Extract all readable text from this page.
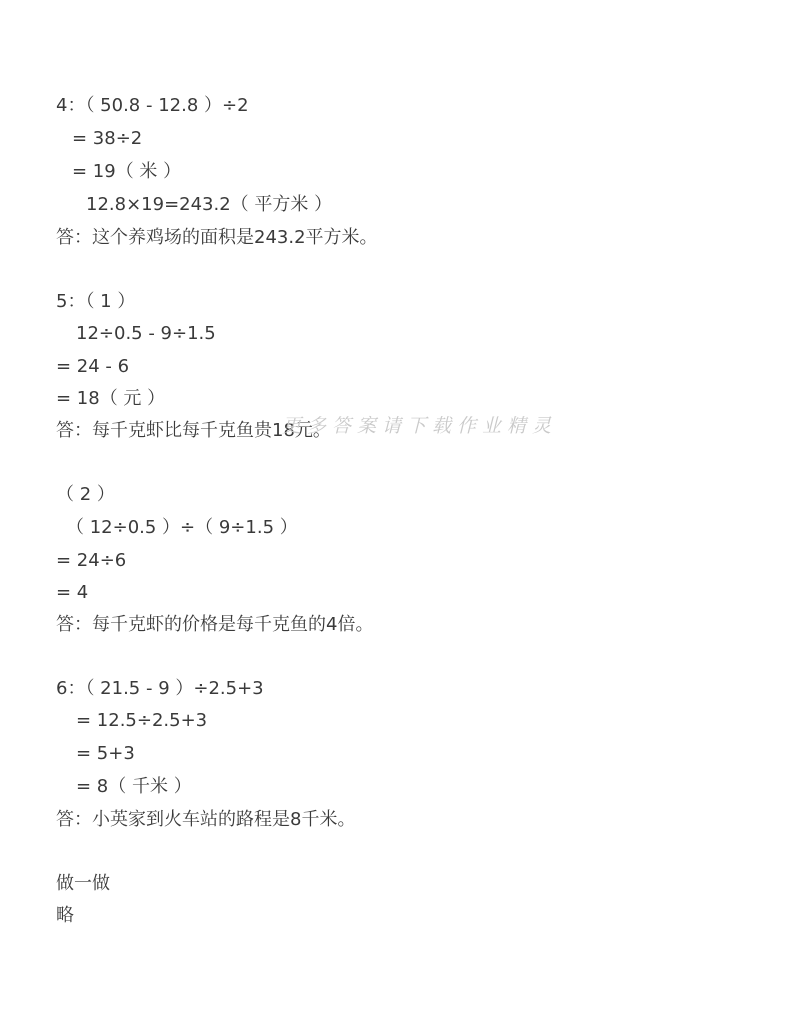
4：（ 50.8 - 12.8 ）÷2
= 38÷2
= 19（ 米 ）
12.8×19=243.2（ 平方米 ）
答：这个养鸡场的面积是243.2平方米。
5：（ 1 ）
12÷0.5 - 9÷1.5
= 24 - 6
= 18（ 元 ）
答：每千克虾比每千克鱼贵18元。
（ 2 ）
（ 12÷0.5 ）÷（ 9÷1.5 ）
= 24÷6
= 4
答：每千克虾的价格是每千克鱼的4倍。
6：（ 21.5 - 9 ）÷2.5+3
= 12.5÷2.5+3
= 5+3
= 8（ 千米 ）
答：小英家到火车站的路程是8千米。
做一做
略
更多答案请下载作业精灵
